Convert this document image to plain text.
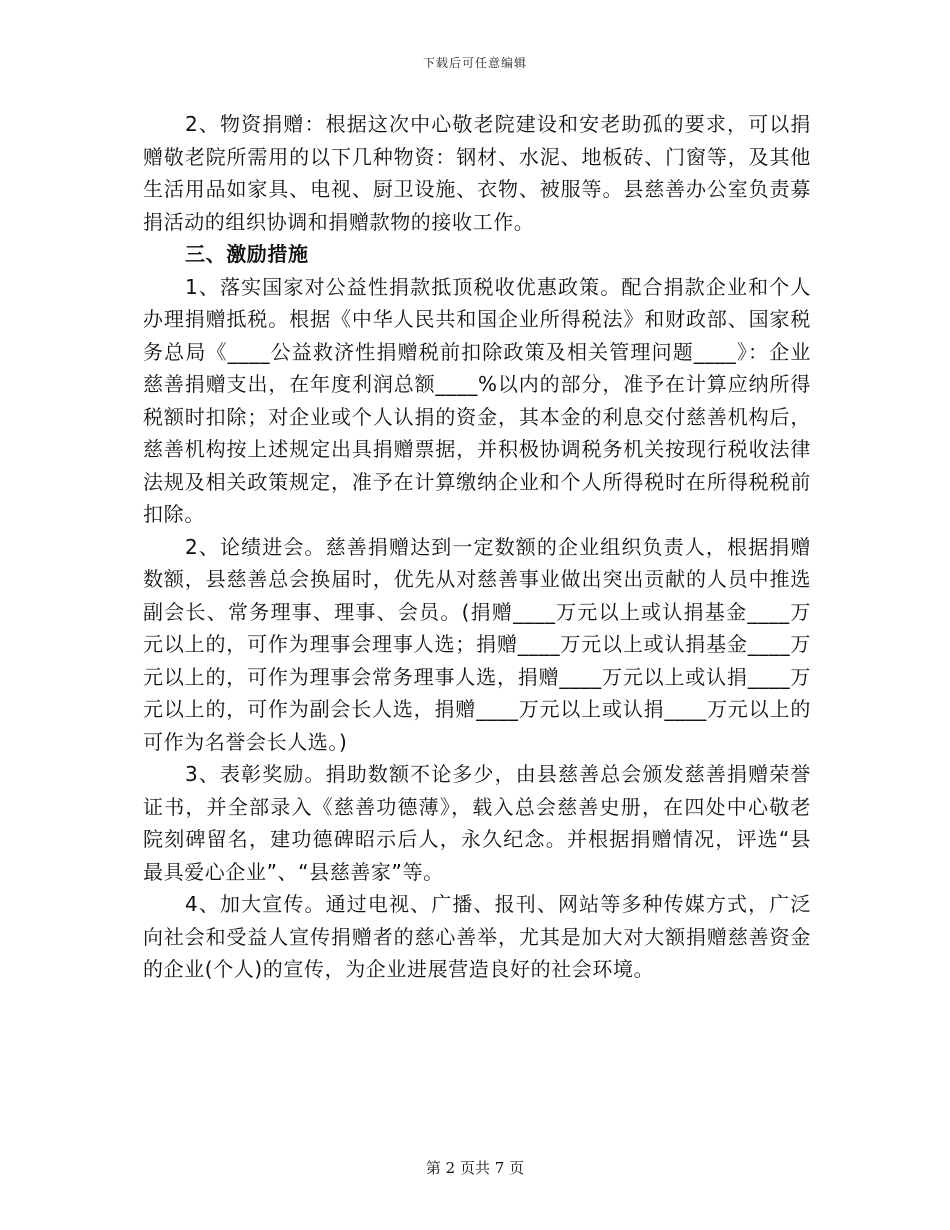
下载后可任意编辑

2、物资捐赠：根据这次中心敬老院建设和安老助孤的要求，可以捐赠敬老院所需用的以下几种物资：钢材、水泥、地板砖、门窗等，及其他生活用品如家具、电视、厨卫设施、衣物、被服等。县慈善办公室负责募捐活动的组织协调和捐赠款物的接收工作。

三、激励措施

1、落实国家对公益性捐款抵顶税收优惠政策。配合捐款企业和个人办理捐赠抵税。根据《中华人民共和国企业所得税法》和财政部、国家税务总局《____公益救济性捐赠税前扣除政策及相关管理问题____》：企业慈善捐赠支出，在年度利润总额____%以内的部分，准予在计算应纳所得税额时扣除；对企业或个人认捐的资金，其本金的利息交付慈善机构后，慈善机构按上述规定出具捐赠票据，并积极协调税务机关按现行税收法律法规及相关政策规定，准予在计算缴纳企业和个人所得税时在所得税税前扣除。

2、论绩进会。慈善捐赠达到一定数额的企业组织负责人，根据捐赠数额，县慈善总会换届时，优先从对慈善事业做出突出贡献的人员中推选副会长、常务理事、理事、会员。(捐赠____万元以上或认捐基金____万元以上的，可作为理事会理事人选；捐赠____万元以上或认捐基金____万元以上的，可作为理事会常务理事人选，捐赠____万元以上或认捐____万元以上的，可作为副会长人选，捐赠____万元以上或认捐____万元以上的可作为名誉会长人选。)

3、表彰奖励。捐助数额不论多少，由县慈善总会颁发慈善捐赠荣誉证书，并全部录入《慈善功德薄》，载入总会慈善史册，在四处中心敬老院刻碑留名，建功德碑昭示后人，永久纪念。并根据捐赠情况，评选“县最具爱心企业”、“县慈善家”等。

4、加大宣传。通过电视、广播、报刊、网站等多种传媒方式，广泛向社会和受益人宣传捐赠者的慈心善举，尤其是加大对大额捐赠慈善资金的企业(个人)的宣传，为企业进展营造良好的社会环境。

第 2 页共 7 页
